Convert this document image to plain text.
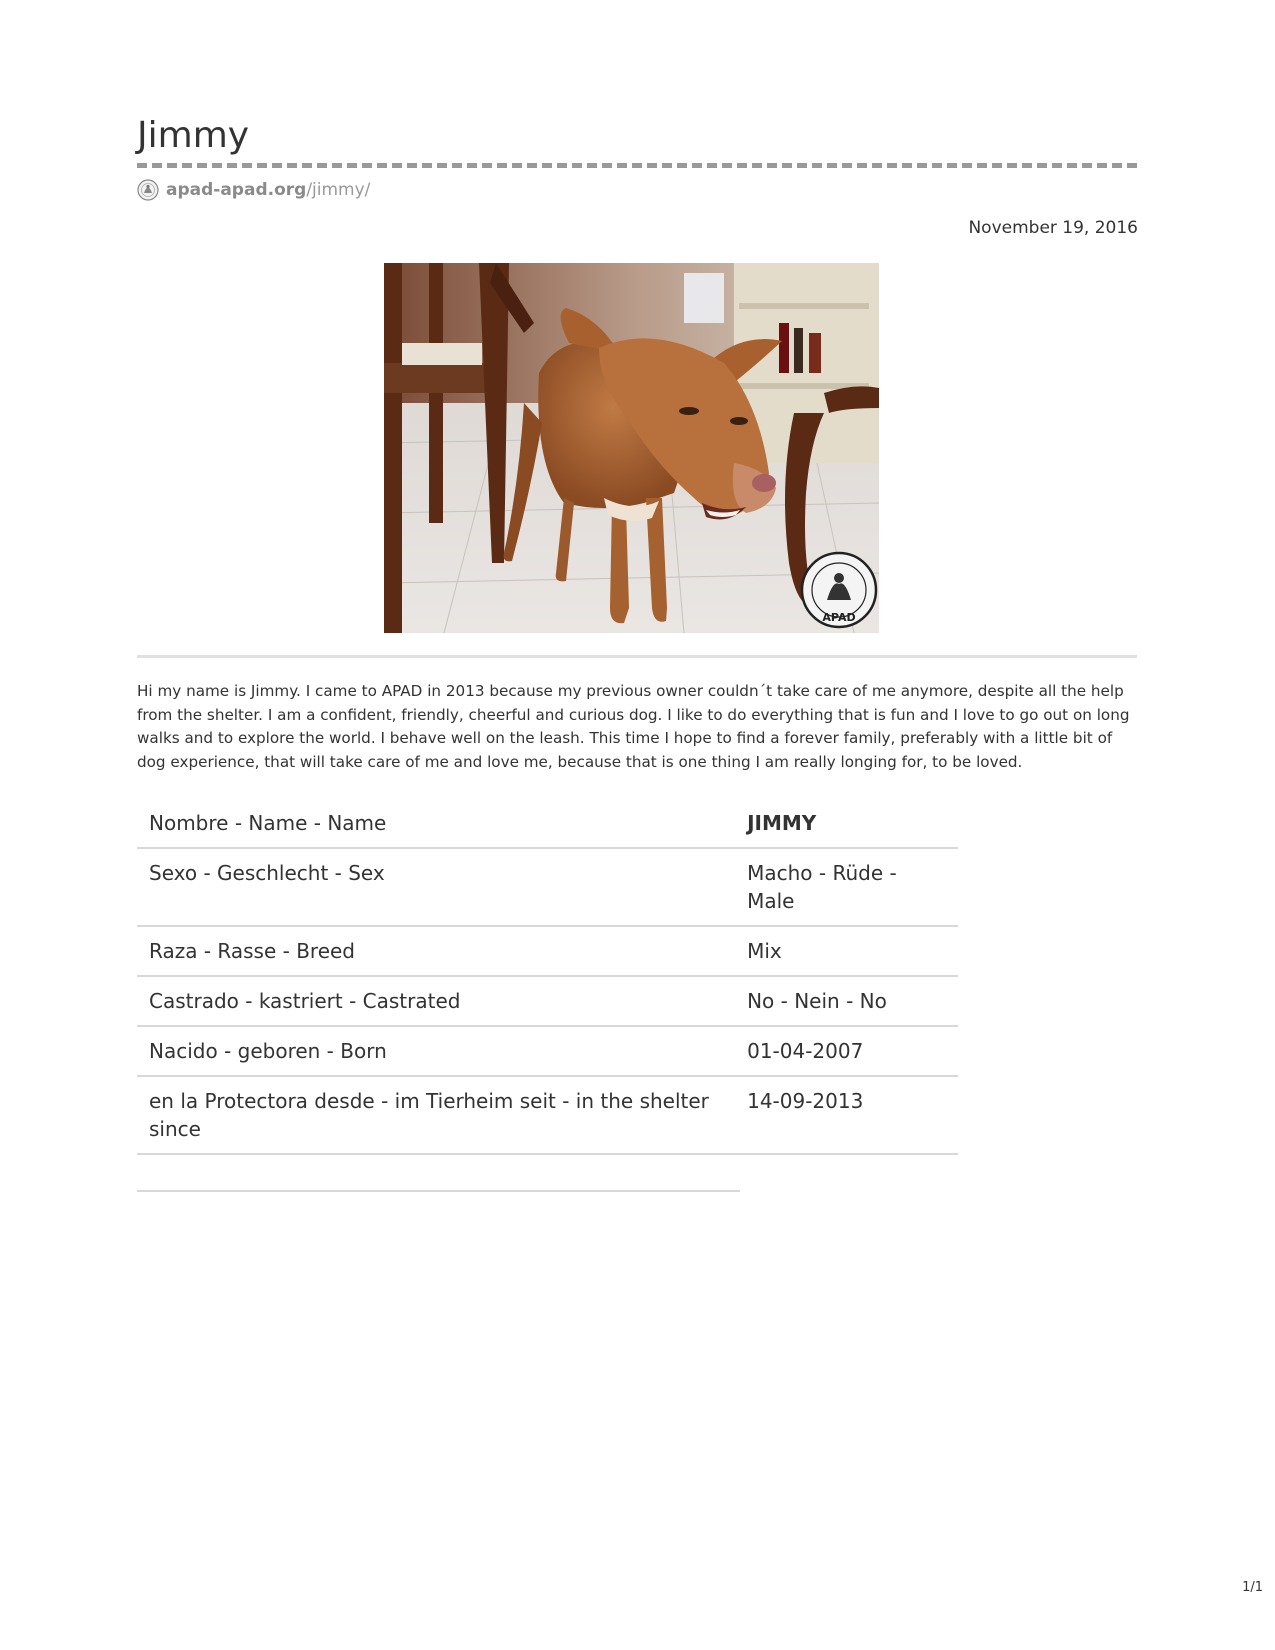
Jimmy
apad-apad.org /jimmy/
November 19, 2016
APAD

Hi my name is Jimmy. I came to APAD in 2013 because my previous owner couldn´t take care of me anymore, despite all the help from the shelter. I am a confident, friendly, cheerful and curious dog. I like to do everything that is fun and I love to go out on long walks and to explore the world. I behave well on the leash. This time I hope to find a forever family, preferably with a little bit of dog experience, that will take care of me and love me, because that is one thing I am really longing for, to be loved.

Nombre - Name - Name	JIMMY
Sexo - Geschlecht - Sex	Macho - Rüde - Male
Raza - Rasse - Breed	Mix
Castrado - kastriert - Castrated	No - Nein - No
Nacido - geboren - Born	01-04-2007
en la Protectora desde - im Tierheim seit - in the shelter since	14-09-2013
1/1
